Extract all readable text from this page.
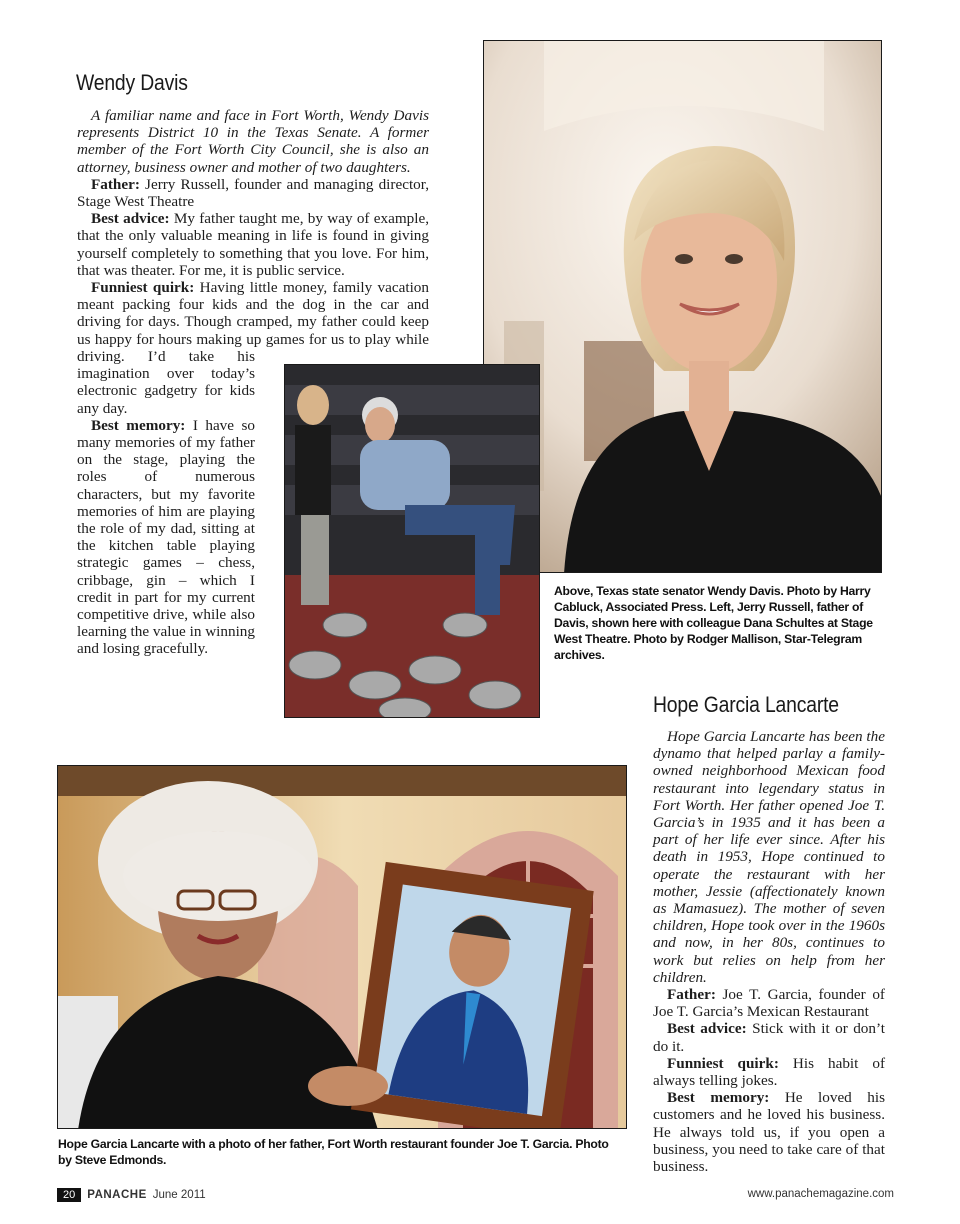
Wendy Davis

A familiar name and face in Fort Worth, Wendy Davis represents District 10 in the Texas Senate. A former member of the Fort Worth City Council, she is also an attorney, business owner and mother of two daughters.

Father: Jerry Russell, founder and managing director, Stage West Theatre

Best advice: My father taught me, by way of example, that the only valuable meaning in life is found in giving yourself completely to something that you love. For him, that was theater. For me, it is public service.

Funniest quirk: Having little money, family vacation meant packing four kids and the dog in the car and driving for days. Though cramped, my father could keep us happy for hours making up games for us to play while

driving. I’d take his imagination over today’s electronic gadgetry for kids any day.

Best memory: I have so many memories of my father on the stage, playing the roles of numerous characters, but my favorite memories of him are playing the role of my dad, sitting at the kitchen table playing strategic games – chess, cribbage, gin – which I credit in part for my current competitive drive, while also learning the value in winning and losing gracefully.

Above, Texas state senator Wendy Davis. Photo by Harry Cabluck, Associated Press. Left, Jerry Russell, father of Davis, shown here with colleague Dana Schultes at Stage West Theatre. Photo by Rodger Mallison, Star-Telegram archives.
Hope Garcia Lancarte

Hope Garcia Lancarte has been the dynamo that helped parlay a family-owned neighborhood Mexican food restaurant into legendary status in Fort Worth. Her father opened Joe T. Garcia’s in 1935 and it has been a part of her life ever since. After his death in 1953, Hope continued to operate the restaurant with her mother, Jessie (affectionately known as Mamasuez). The mother of seven children, Hope took over in the 1960s and now, in her 80s, continues to work but relies on help from her children.

Father: Joe T. Garcia, founder of Joe T. Garcia’s Mexican Restaurant

Best advice: Stick with it or don’t do it.

Funniest quirk: His habit of always telling jokes.

Best memory: He loved his customers and he loved his business. He always told us, if you open a business, you need to take care of that business.

Hope Garcia Lancarte with a photo of her father, Fort Worth restaurant founder Joe T. Garcia. Photo by Steve Edmonds.
20	PANACHE June 2011	www.panachemagazine.com
